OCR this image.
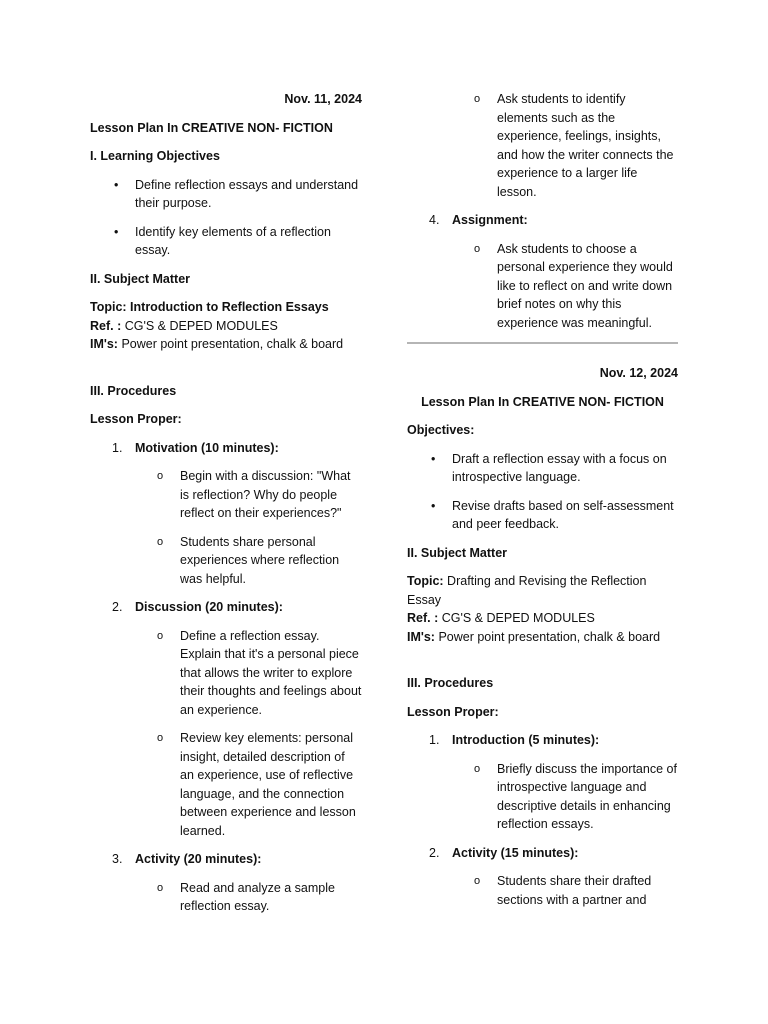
Nov. 11, 2024

Lesson Plan In CREATIVE NON- FICTION

I. Learning Objectives

• Define reflection essays and understand their purpose.
• Identify key elements of a reflection essay.

II. Subject Matter

Topic: Introduction to Reflection Essays

Ref. : CG'S & DEPED MODULES

IM's: Power point presentation, chalk & board

III. Procedures

Lesson Proper:

1. Motivation (10 minutes):

o Begin with a discussion: "What is reflection? Why do people reflect on their experiences?"
o Students share personal experiences where reflection was helpful.

2. Discussion (20 minutes):

o Define a reflection essay. Explain that it's a personal piece that allows the writer to explore their thoughts and feelings about an experience.
o Review key elements: personal insight, detailed description of an experience, use of reflective language, and the connection between experience and lesson learned.

3. Activity (20 minutes):

o Read and analyze a sample reflection essay.
o Ask students to identify elements such as the experience, feelings, insights, and how the writer connects the experience to a larger life lesson.

4. Assignment:

o Ask students to choose a personal experience they would like to reflect on and write down brief notes on why this experience was meaningful.

Nov. 12, 2024

Lesson Plan In CREATIVE NON- FICTION

Objectives:

• Draft a reflection essay with a focus on introspective language.
• Revise drafts based on self-assessment and peer feedback.

II. Subject Matter

Topic: Drafting and Revising the Reflection Essay

Ref. : CG'S & DEPED MODULES

IM's: Power point presentation, chalk & board

III. Procedures

Lesson Proper:

1. Introduction (5 minutes):

o Briefly discuss the importance of introspective language and descriptive details in enhancing reflection essays.

2. Activity (15 minutes):

o Students share their drafted sections with a partner and
